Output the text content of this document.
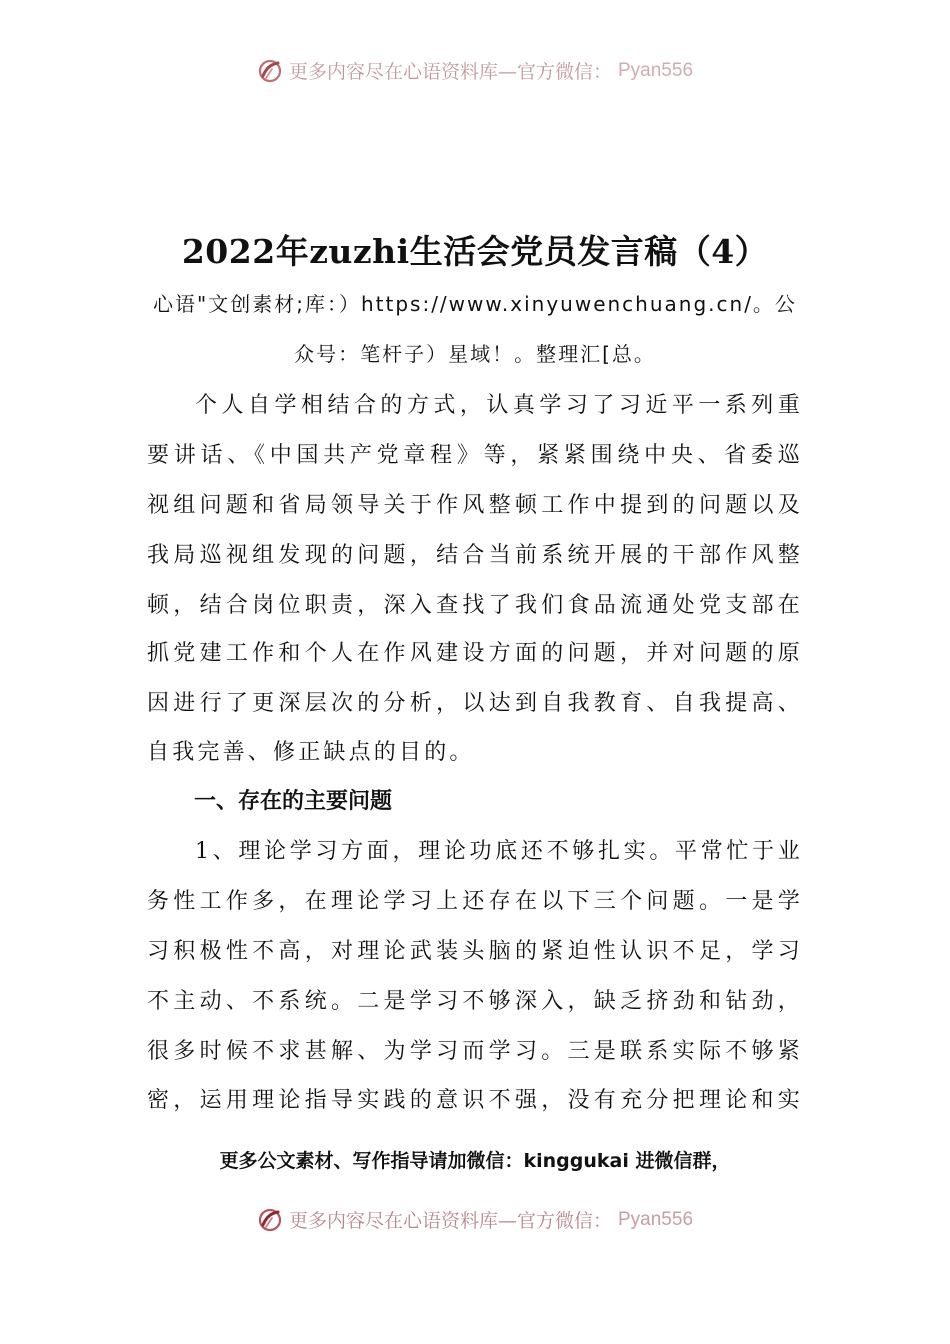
更多内容尽在心语资料库—官方微信： Pyan556
2022年zuzhi生活会党员发言稿（4）
心语"文创素材;库：）https://www.xinyuwenchuang.cn/。公
众号：笔杆子）星域！。整理汇[总。
个人自学相结合的方式，认真学习了习近平一系列重
要讲话、《中国共产党章程》等，紧紧围绕中央、省委巡
视组问题和省局领导关于作风整顿工作中提到的问题以及
我局巡视组发现的问题，结合当前系统开展的干部作风整
顿，结合岗位职责，深入查找了我们食品流通处党支部在
抓党建工作和个人在作风建设方面的问题，并对问题的原
因进行了更深层次的分析，以达到自我教育、自我提高、
自我完善、修正缺点的目的。
一、存在的主要问题
1、理论学习方面，理论功底还不够扎实。平常忙于业
务性工作多，在理论学习上还存在以下三个问题。一是学
习积极性不高，对理论武装头脑的紧迫性认识不足，学习
不主动、不系统。二是学习不够深入，缺乏挤劲和钻劲，
很多时候不求甚解、为学习而学习。三是联系实际不够紧
密，运用理论指导实践的意识不强，没有充分把理论和实
更多公文素材、写作指导请加微信：kinggukai 进微信群，
更多内容尽在心语资料库—官方微信： Pyan556
